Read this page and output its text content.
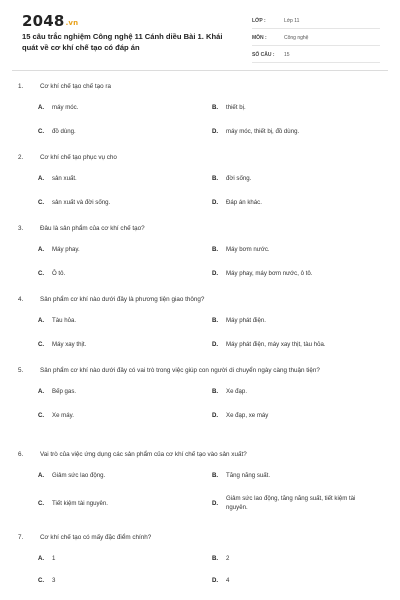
2048.vn
15 câu trắc nghiệm Công nghệ 11 Cánh diều Bài 1. Khái quát về cơ khí chế tạo có đáp án
LỚP :	Lớp 11
MÔN :	Công nghệ
SỐ CÂU :	15
1.	Cơ khí chế tạo chế tạo ra
A.	máy móc.	B.	thiết bị.
C.	đồ dùng.	D.	máy móc, thiết bị, đồ dùng.
2.	Cơ khí chế tạo phục vụ cho
A.	sản xuất.	B.	đời sống.
C.	sản xuất và đời sống.	D.	Đáp án khác.
3.	Đâu là sản phẩm của cơ khí chế tạo?
A.	Máy phay.	B.	Máy bơm nước.
C.	Ô tô.	D.	Máy phay, máy bơm nước, ô tô.
4.	Sản phẩm cơ khí nào dưới đây là phương tiện giao thông?
A.	Tàu hỏa.	B.	Máy phát điện.
C.	Máy xay thịt.	D.	Máy phát điện, máy xay thịt, tàu hỏa.
5.	Sản phẩm cơ khí nào dưới đây có vai trò trong việc giúp con người di chuyển ngày càng thuận tiện?
A.	Bếp gas.	B.	Xe đạp.
C.	Xe máy.	D.	Xe đạp, xe máy
6.	Vai trò của việc ứng dụng các sản phẩm của cơ khí chế tạo vào sản xuất?
A.	Giảm sức lao động.	B.	Tăng năng suất.
C.	Tiết kiệm tài nguyên.	D.
Giảm sức lao động, tăng năng suất, tiết kiệm tài nguyên.
7.	Cơ khí chế tạo có mấy đặc điểm chính?
A.	1	B.	2
C.	3	D.	4
